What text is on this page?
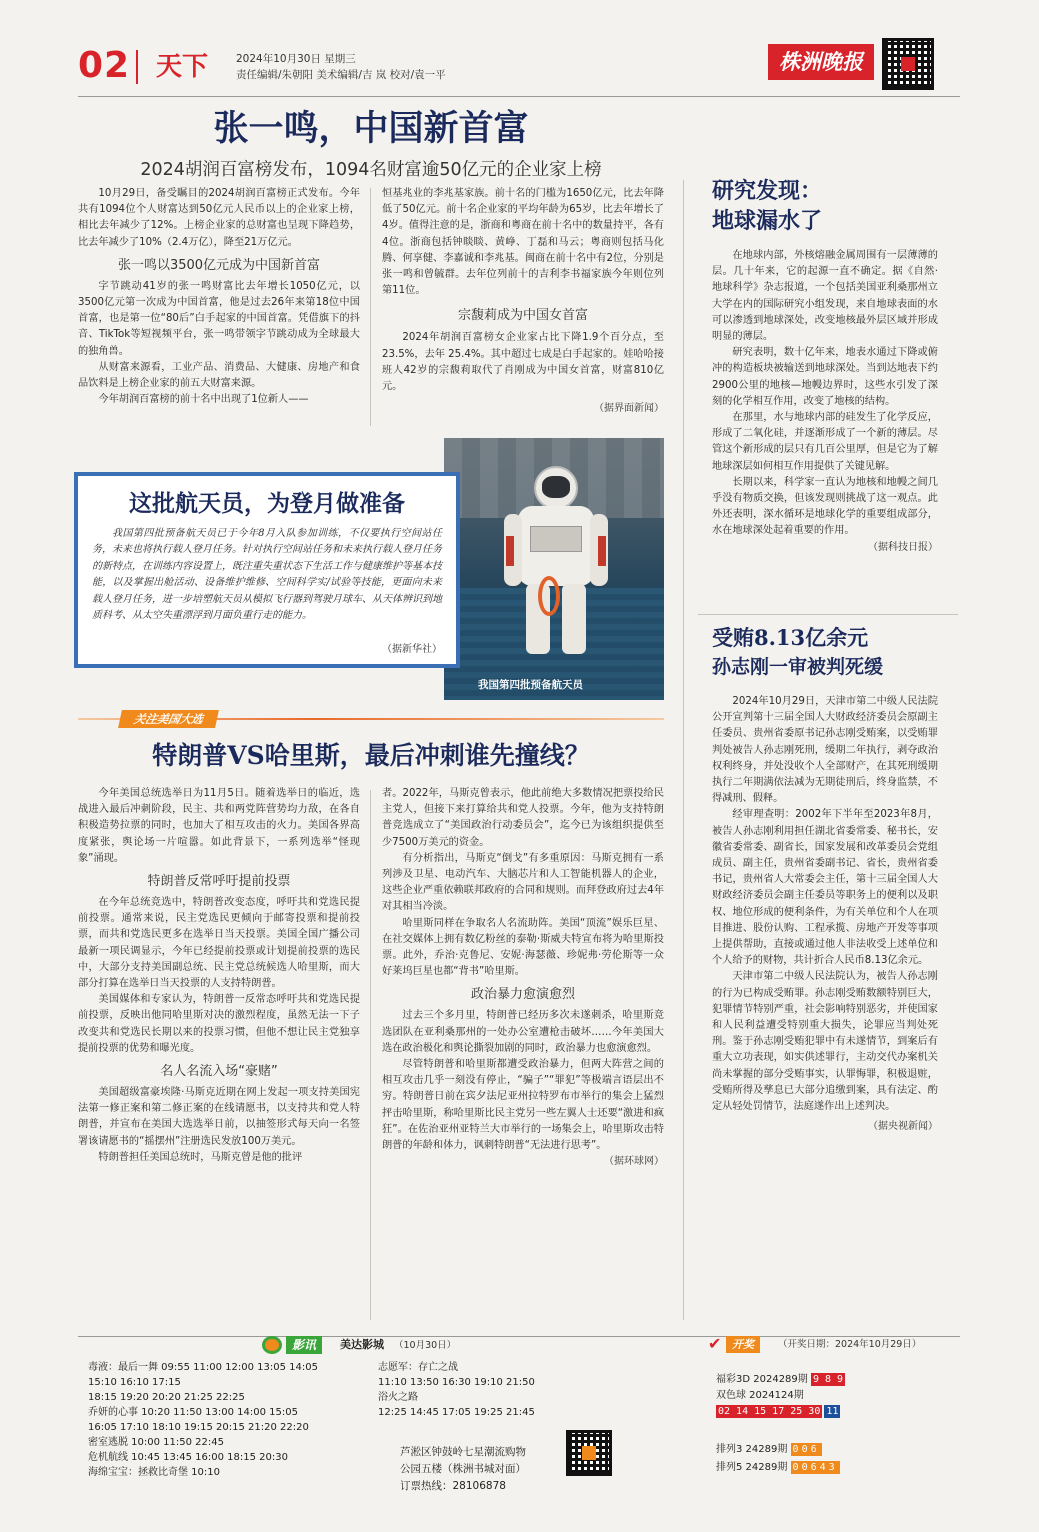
02 天下	2024年10月30日 星期三
责任编辑/朱朝阳 美术编辑/吉 岚 校对/袁一平
株洲晚报
张一鸣，中国新首富
2024胡润百富榜发布，1094名财富逾50亿元的企业家上榜

10月29日，备受瞩目的2024胡润百富榜正式发布。今年共有1094位个人财富达到50亿元人民币以上的企业家上榜，相比去年减少了12%。上榜企业家的总财富也呈现下降趋势，比去年减少了10%（2.4万亿），降至21万亿元。

张一鸣以3500亿元成为中国新首富

字节跳动41岁的张一鸣财富比去年增长1050亿元，以3500亿元第一次成为中国首富，他是过去26年来第18位中国首富，也是第一位“80后”白手起家的中国首富。凭借旗下的抖音、TikTok等短视频平台，张一鸣带领字节跳动成为全球最大的独角兽。

从财富来源看，工业产品、消费品、大健康、房地产和食品饮料是上榜企业家的前五大财富来源。

今年胡润百富榜的前十名中出现了1位新人——

恒基兆业的李兆基家族。前十名的门槛为1650亿元，比去年降低了50亿元。前十名企业家的平均年龄为65岁，比去年增长了4岁。值得注意的是，浙商和粤商在前十名中的数量持平，各有4位。浙商包括钟睒睒、黄峥、丁磊和马云；粤商则包括马化腾、何享健、李嘉诚和李兆基。闽商在前十名中有2位，分别是张一鸣和曾毓群。去年位列前十的吉利李书福家族今年则位列第11位。

宗馥莉成为中国女首富

2024年胡润百富榜女企业家占比下降1.9个百分点，至23.5%，去年 25.4%。其中超过七成是白手起家的。娃哈哈接班人42岁的宗馥莉取代了肖刚成为中国女首富，财富810亿元。

（据界面新闻）
我国第四批预备航天员
这批航天员，为登月做准备
我国第四批预备航天员已于今年8月入队参加训练，不仅要执行空间站任务，未来也将执行载人登月任务。针对执行空间站任务和未来执行载人登月任务的新特点，在训练内容设置上，既注重失重状态下生活工作与健康维护等基本技能，以及掌握出舱活动、设备维护维修、空间科学实/试验等技能，更面向未来载人登月任务，进一步培塑航天员从模拟飞行器到驾驶月球车、从天体辨识到地质科考、从太空失重漂浮到月面负重行走的能力。
（据新华社）
研究发现：
地球漏水了

在地球内部，外核熔融金属周围有一层薄薄的层。几十年来，它的起源一直不确定。据《自然·地球科学》杂志报道，一个包括美国亚利桑那州立大学在内的国际研究小组发现，来自地球表面的水可以渗透到地球深处，改变地核最外层区域并形成明显的薄层。

研究表明，数十亿年来，地表水通过下降或俯冲的构造板块被输送到地球深处。当到达地表下约2900公里的地核—地幔边界时，这些水引发了深刻的化学相互作用，改变了地核的结构。

在那里，水与地球内部的硅发生了化学反应，形成了二氧化硅，并逐渐形成了一个新的薄层。尽管这个新形成的层只有几百公里厚，但是它为了解地球深层如何相互作用提供了关键见解。

长期以来，科学家一直认为地核和地幔之间几乎没有物质交换，但该发现则挑战了这一观点。此外还表明，深水循环是地球化学的重要组成部分，水在地球深处起着重要的作用。

（据科技日报）
受贿8.13亿余元
孙志刚一审被判死缓

2024年10月29日，天津市第二中级人民法院公开宣判第十三届全国人大财政经济委员会原副主任委员、贵州省委原书记孙志刚受贿案，以受贿罪判处被告人孙志刚死刑，缓期二年执行，剥夺政治权利终身，并处没收个人全部财产，在其死刑缓期执行二年期满依法减为无期徒刑后，终身监禁，不得减刑、假释。

经审理查明：2002年下半年至2023年8月，被告人孙志刚利用担任湖北省委常委、秘书长，安徽省委常委、副省长，国家发展和改革委员会党组成员、副主任，贵州省委副书记、省长，贵州省委书记，贵州省人大常委会主任，第十三届全国人大财政经济委员会副主任委员等职务上的便利以及职权、地位形成的便利条件，为有关单位和个人在项目推进、股份认购、工程承揽、房地产开发等事项上提供帮助，直接或通过他人非法收受上述单位和个人给予的财物，共计折合人民币8.13亿余元。

天津市第二中级人民法院认为，被告人孙志刚的行为已构成受贿罪。孙志刚受贿数额特别巨大，犯罪情节特别严重，社会影响特别恶劣，并使国家和人民利益遭受特别重大损失，论罪应当判处死刑。鉴于孙志刚受贿犯罪中有未遂情节，到案后有重大立功表现，如实供述罪行，主动交代办案机关尚未掌握的部分受贿事实，认罪悔罪，积极退赃，受贿所得及孳息已大部分追缴到案，具有法定、酌定从轻处罚情节，法庭遂作出上述判决。

（据央视新闻）
关注美国大选
特朗普VS哈里斯，最后冲刺谁先撞线？

今年美国总统选举日为11月5日。随着选举日的临近，选战进入最后冲刺阶段，民主、共和两党阵营势均力敌，在各自积极造势拉票的同时，也加大了相互攻击的火力。美国各界高度紧张，舆论场一片喧嚣。如此背景下，一系列选举“怪现象”涌现。

特朗普反常呼吁提前投票

在今年总统竞选中，特朗普改变态度，呼吁共和党选民提前投票。通常来说，民主党选民更倾向于邮寄投票和提前投票，而共和党选民更多在选举日当天投票。美国全国广播公司最新一项民调显示，今年已经提前投票或计划提前投票的选民中，大部分支持美国副总统、民主党总统候选人哈里斯，而大部分打算在选举日当天投票的人支持特朗普。

美国媒体和专家认为，特朗普一反常态呼吁共和党选民提前投票，反映出他同哈里斯对决的激烈程度，虽然无法一下子改变共和党选民长期以来的投票习惯，但他不想让民主党独享提前投票的优势和曝光度。

名人名流入场“豪赌”

美国超级富豪埃隆·马斯克近期在网上发起一项支持美国宪法第一修正案和第二修正案的在线请愿书，以支持共和党人特朗普，并宣布在美国大选选举日前，以抽签形式每天向一名签署该请愿书的“摇摆州”注册选民发放100万美元。

特朗普担任美国总统时，马斯克曾是他的批评

者。2022年，马斯克曾表示，他此前绝大多数情况把票投给民主党人，但接下来打算给共和党人投票。今年，他为支持特朗普竞选成立了“美国政治行动委员会”，迄今已为该组织提供至少7500万美元的资金。

有分析指出，马斯克“倒戈”有多重原因：马斯克拥有一系列涉及卫星、电动汽车、大脑芯片和人工智能机器人的企业，这些企业严重依赖联邦政府的合同和规则。而拜登政府过去4年对其相当冷淡。

哈里斯同样在争取名人名流助阵。美国“顶流”娱乐巨星、在社交媒体上拥有数亿粉丝的泰勒·斯威夫特宣布将为哈里斯投票。此外，乔治·克鲁尼、安妮·海瑟薇、珍妮弗·劳伦斯等一众好莱坞巨星也都“背书”哈里斯。

政治暴力愈演愈烈

过去三个多月里，特朗普已经历多次未遂刺杀，哈里斯竞选团队在亚利桑那州的一处办公室遭枪击破坏……今年美国大选在政治极化和舆论撕裂加剧的同时，政治暴力也愈演愈烈。

尽管特朗普和哈里斯都遭受政治暴力，但两大阵营之间的相互攻击几乎一刻没有停止，“骗子”“罪犯”等极端言语层出不穷。特朗普日前在宾夕法尼亚州拉特罗布市举行的集会上猛烈抨击哈里斯，称哈里斯比民主党另一些左翼人士还要“激进和疯狂”。在佐治亚州亚特兰大市举行的一场集会上，哈里斯攻击特朗普的年龄和体力，讽刺特朗普“无法进行思考”。

（据环球网）
影讯	美达影城 （10月30日）
毒液：最后一舞 09:55 11:00 12:00 13:05 14:05
15:10 16:10 17:15
18:15 19:20 20:20 21:25 22:25
乔妍的心事 10:20 11:50 13:00 14:00 15:05
16:05 17:10 18:10 19:15 20:15 21:20 22:20
密室逃脱 10:00 11:50 22:45
危机航线 10:45 13:45 16:00 18:15 20:30
海绵宝宝：拯救比奇堡 10:10
志愿军：存亡之战
11:10 13:50 16:30 19:10 21:50
浴火之路
12:25 14:45 17:05 19:25 21:45
芦淞区钟鼓岭七星潮流购物
公园五楼（株洲书城对面）
订票热线：28106878
✔ 开奖	（开奖日期：2024年10月29日）
福彩3D 2024289期 9 8 9
双色球 2024124期
02 14 15 17 25 30 11
排列3 24289期 006
排列5 24289期 00643
